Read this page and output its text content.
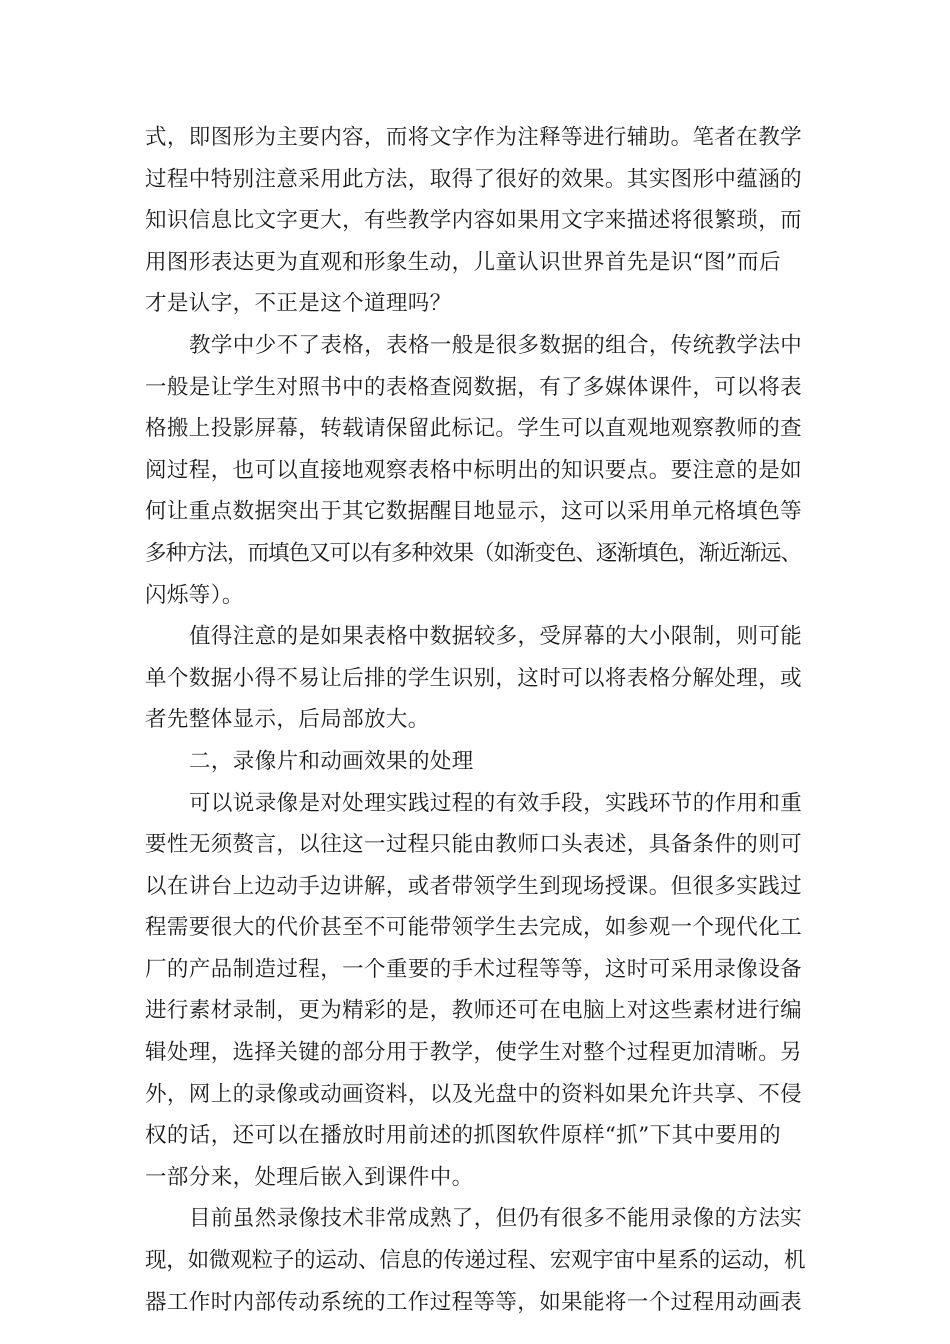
式，即图形为主要内容，而将文字作为注释等进行辅助。笔者在教学
过程中特别注意采用此方法，取得了很好的效果。其实图形中蕴涵的
知识信息比文字更大，有些教学内容如果用文字来描述将很繁琐，而
用图形表达更为直观和形象生动，儿童认识世界首先是识“图”而后
才是认字，不正是这个道理吗？
教学中少不了表格，表格一般是很多数据的组合，传统教学法中
一般是让学生对照书中的表格查阅数据，有了多媒体课件，可以将表
格搬上投影屏幕，转载请保留此标记。学生可以直观地观察教师的查
阅过程，也可以直接地观察表格中标明出的知识要点。要注意的是如
何让重点数据突出于其它数据醒目地显示，这可以采用单元格填色等
多种方法，而填色又可以有多种效果（如渐变色、逐渐填色，渐近渐远、
闪烁等）。
值得注意的是如果表格中数据较多，受屏幕的大小限制，则可能
单个数据小得不易让后排的学生识别，这时可以将表格分解处理，或
者先整体显示，后局部放大。
二，录像片和动画效果的处理
可以说录像是对处理实践过程的有效手段，实践环节的作用和重
要性无须赘言，以往这一过程只能由教师口头表述，具备条件的则可
以在讲台上边动手边讲解，或者带领学生到现场授课。但很多实践过
程需要很大的代价甚至不可能带领学生去完成，如参观一个现代化工
厂的产品制造过程，一个重要的手术过程等等，这时可采用录像设备
进行素材录制，更为精彩的是，教师还可在电脑上对这些素材进行编
辑处理，选择关键的部分用于教学，使学生对整个过程更加清晰。另
外，网上的录像或动画资料，以及光盘中的资料如果允许共享、不侵
权的话，还可以在播放时用前述的抓图软件原样“抓”下其中要用的
一部分来，处理后嵌入到课件中。
目前虽然录像技术非常成熟了，但仍有很多不能用录像的方法实
现，如微观粒子的运动、信息的传递过程、宏观宇宙中星系的运动，机
器工作时内部传动系统的工作过程等等，如果能将一个过程用动画表
